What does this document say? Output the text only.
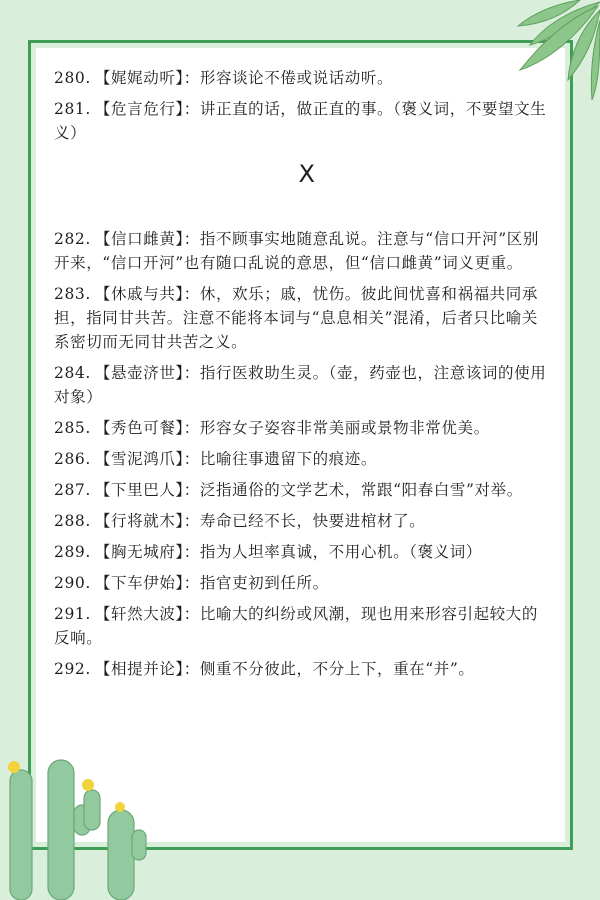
280. 【娓娓动听】：形容谈论不倦或说话动听。
281. 【危言危行】：讲正直的话，做正直的事。（褒义词，不要望文生义）
X
282. 【信口雌黄】：指不顾事实地随意乱说。注意与“信口开河”区别开来，“信口开河”也有随口乱说的意思，但“信口雌黄”词义更重。
283. 【休戚与共】：休，欢乐；戚，忧伤。彼此间忧喜和祸福共同承担，指同甘共苦。注意不能将本词与“息息相关”混淆，后者只比喻关系密切而无同甘共苦之义。
284. 【悬壶济世】：指行医救助生灵。（壶，药壶也，注意该词的使用对象）
285. 【秀色可餐】：形容女子姿容非常美丽或景物非常优美。
286. 【雪泥鸿爪】：比喻往事遗留下的痕迹。
287. 【下里巴人】：泛指通俗的文学艺术，常跟“阳春白雪”对举。
288. 【行将就木】：寿命已经不长，快要进棺材了。
289. 【胸无城府】：指为人坦率真诚，不用心机。（褒义词）
290. 【下车伊始】：指官吏初到任所。
291. 【轩然大波】：比喻大的纠纷或风潮，现也用来形容引起较大的反响。
292. 【相提并论】：侧重不分彼此，不分上下，重在“并”。
